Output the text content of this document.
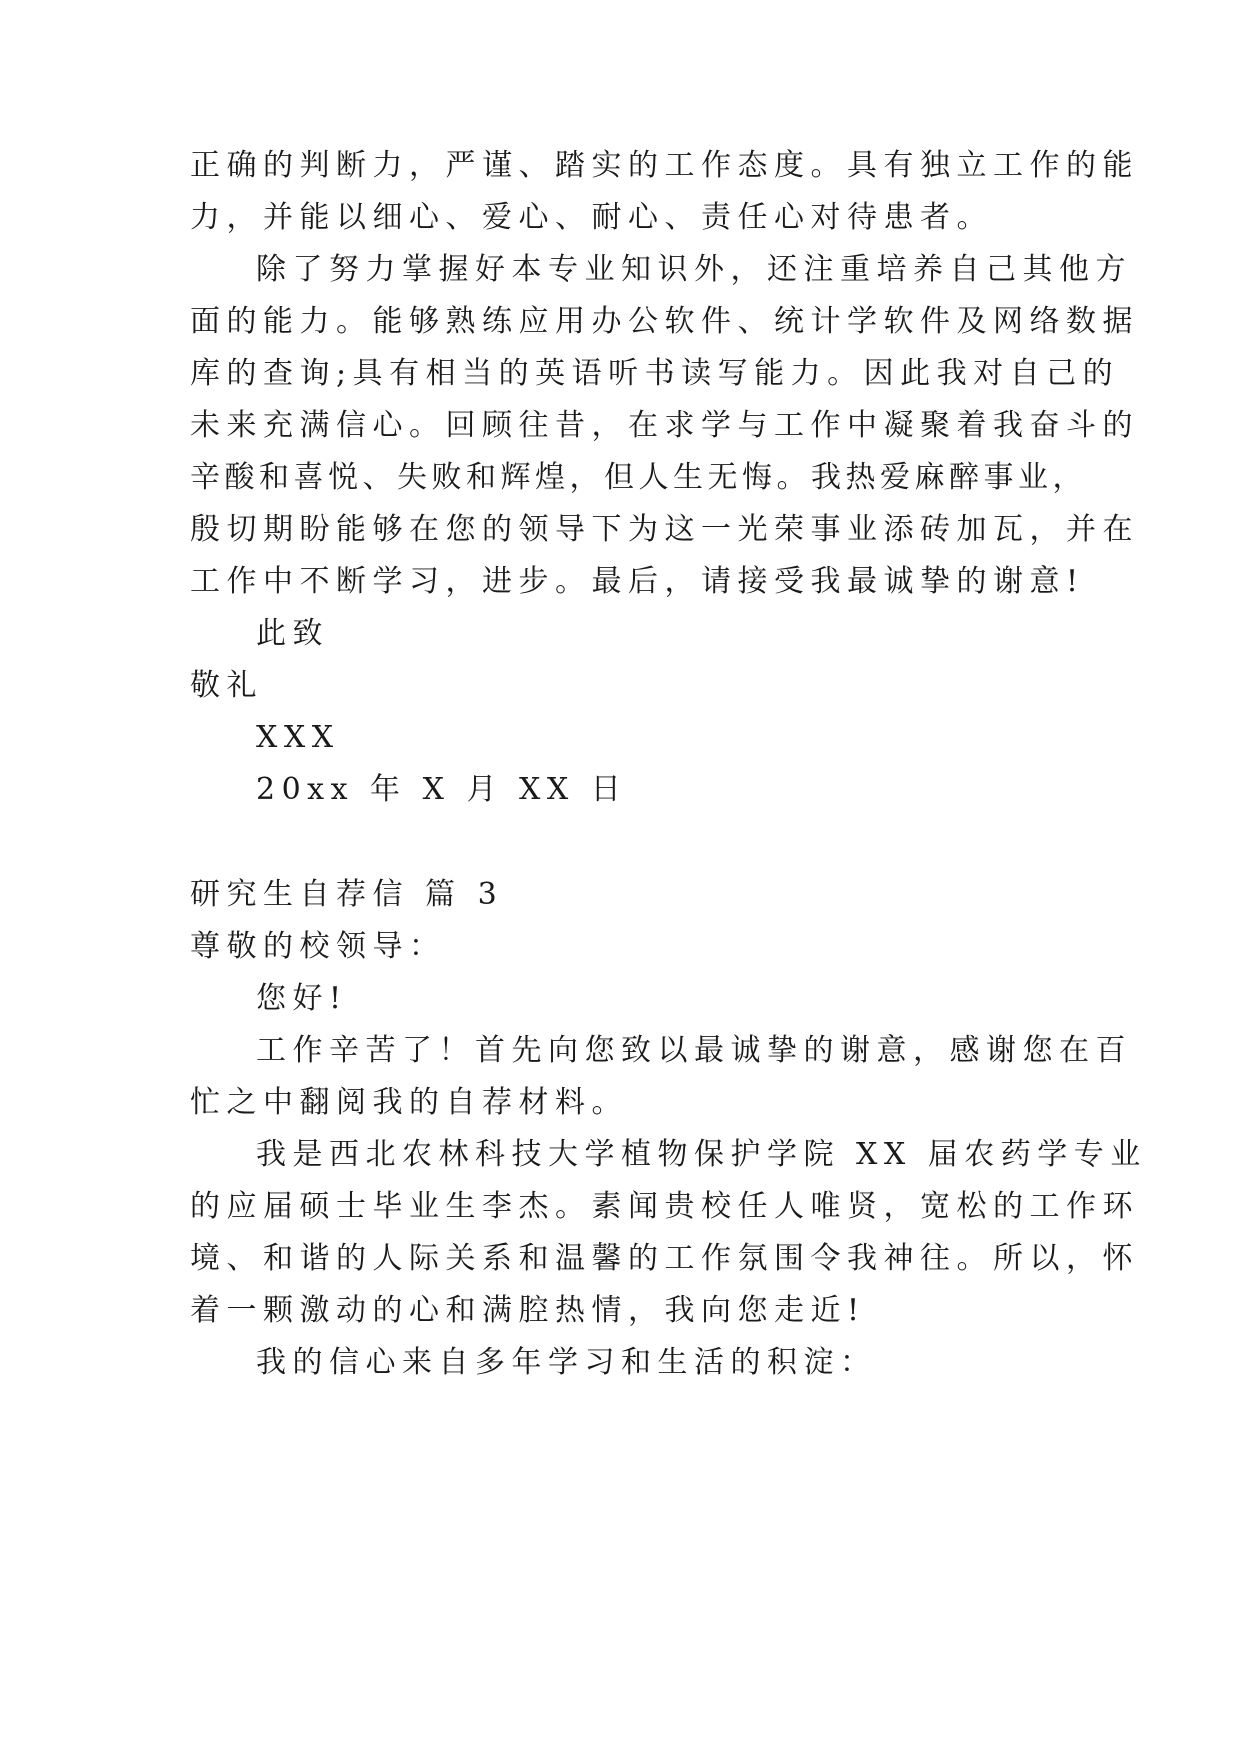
正确的判断力，严谨、踏实的工作态度。具有独立工作的能
力，并能以细心、爱心、耐心、责任心对待患者。
除了努力掌握好本专业知识外，还注重培养自己其他方
面的能力。能够熟练应用办公软件、统计学软件及网络数据
库的查询;具有相当的英语听书读写能力。因此我对自己的
未来充满信心。回顾往昔，在求学与工作中凝聚着我奋斗的
辛酸和喜悦、失败和辉煌，但人生无悔。我热爱麻醉事业，
殷切期盼能够在您的领导下为这一光荣事业添砖加瓦，并在
工作中不断学习，进步。最后，请接受我最诚挚的谢意!
此致
敬礼
XXX
20xx 年 X 月 XX 日
研究生自荐信 篇 3
尊敬的校领导：
您好!
工作辛苦了！首先向您致以最诚挚的谢意，感谢您在百
忙之中翻阅我的自荐材料。
我是西北农林科技大学植物保护学院 XX 届农药学专业
的应届硕士毕业生李杰。素闻贵校任人唯贤，宽松的工作环
境、和谐的人际关系和温馨的工作氛围令我神往。所以，怀
着一颗激动的心和满腔热情，我向您走近!
我的信心来自多年学习和生活的积淀：
